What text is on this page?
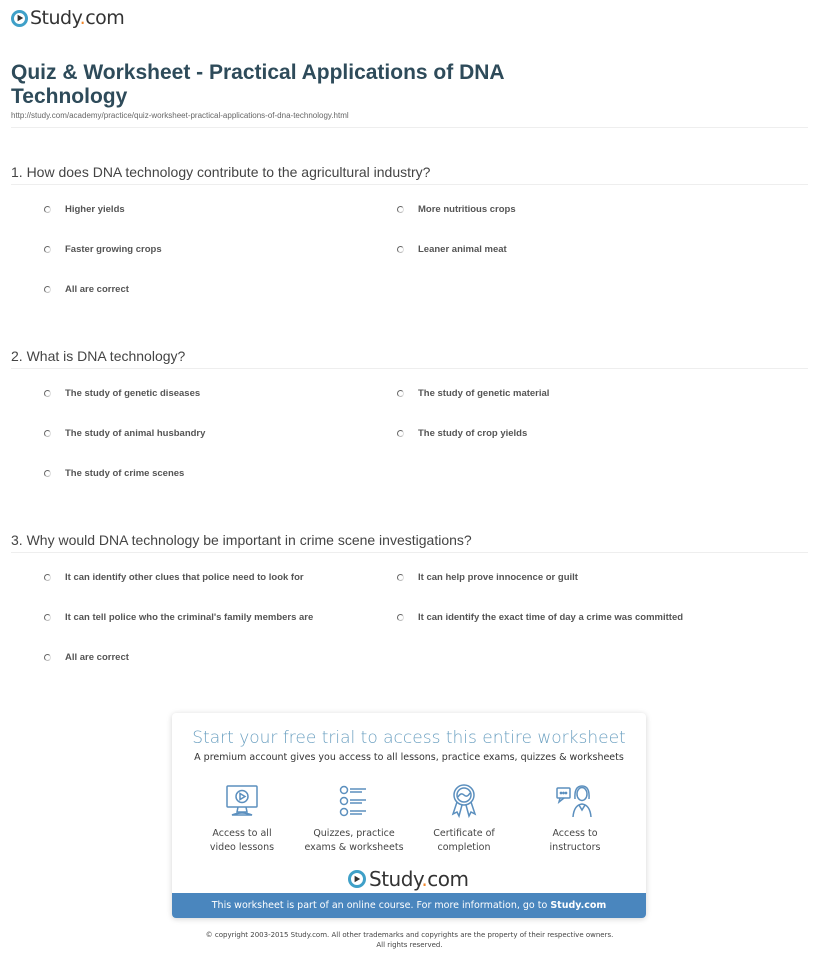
Study.com
Quiz & Worksheet - Practical Applications of DNA Technology
http://study.com/academy/practice/quiz-worksheet-practical-applications-of-dna-technology.html
1. How does DNA technology contribute to the agricultural industry?
Higher yields	More nutritious crops
Faster growing crops	Leaner animal meat
All are correct
2. What is DNA technology?
The study of genetic diseases	The study of genetic material
The study of animal husbandry	The study of crop yields
The study of crime scenes
3. Why would DNA technology be important in crime scene investigations?
It can identify other clues that police need to look for	It can help prove innocence or guilt
It can tell police who the criminal's family members are	It can identify the exact time of day a crime was committed
All are correct
Start your free trial to access this entire worksheet
A premium account gives you access to all lessons, practice exams, quizzes & worksheets
Access to all
video lessons
Quizzes, practice
exams & worksheets
Certificate of
completion
Access to
instructors
Study.com
This worksheet is part of an online course. For more information, go to Study.com
© copyright 2003-2015 Study.com. All other trademarks and copyrights are the property of their respective owners.
All rights reserved.
